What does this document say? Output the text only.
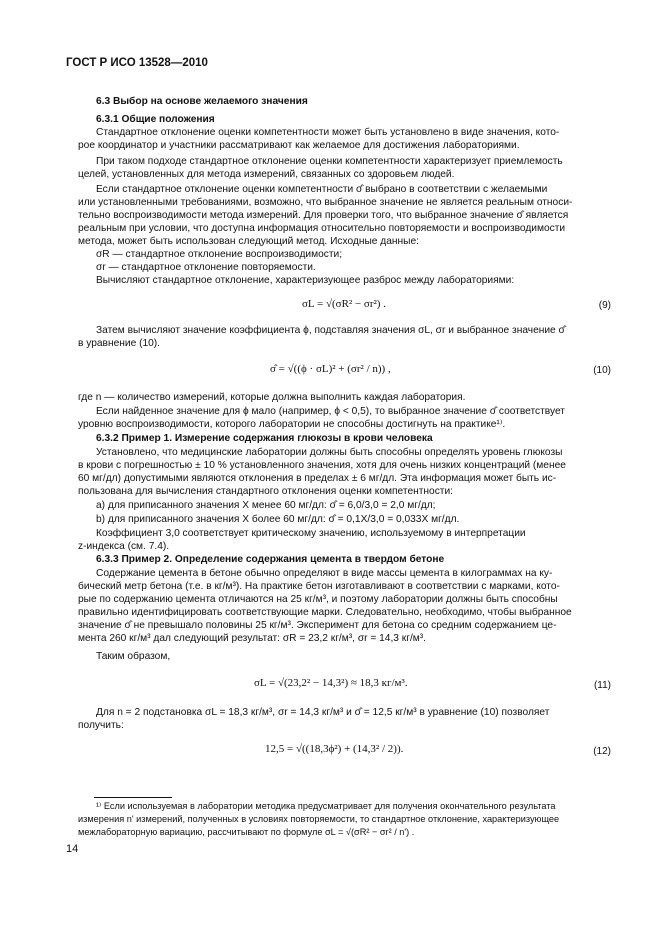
ГОСТ Р ИСО 13528—2010
6.3 Выбор на основе желаемого значения
6.3.1 Общие положения
Стандартное отклонение оценки компетентности может быть установлено в виде значения, кото-
рое координатор и участники рассматривают как желаемое для достижения лабораториями.
При таком подходе стандартное отклонение оценки компетентности характеризует приемлемость
целей, установленных для метода измерений, связанных со здоровьем людей.
Если стандартное отклонение оценки компетентности σ̂ выбрано в соответствии с желаемыми
или установленными требованиями, возможно, что выбранное значение не является реальным относи-
тельно воспроизводимости метода измерений. Для проверки того, что выбранное значение σ̂ является
реальным при условии, что доступна информация относительно повторяемости и воспроизводимости
метода, может быть использован следующий метод. Исходные данные:
σR — стандартное отклонение воспроизводимости;
σr — стандартное отклонение повторяемости.
Вычисляют стандартное отклонение, характеризующее разброс между лабораториями:
σL = √(σR² − σr²) .	(9)
Затем вычисляют значение коэффициента ϕ, подставляя значения σL, σr и выбранное значение σ̂
в уравнение (10).
σ̂ = √((ϕ · σL)² + (σr² / n)) ,	(10)
где n — количество измерений, которые должна выполнить каждая лаборатория.
Если найденное значение для ϕ мало (например, ϕ < 0,5), то выбранное значение σ̂ соответствует
уровню воспроизводимости, которого лаборатории не способны достигнуть на практике¹⁾.
6.3.2 Пример 1. Измерение содержания глюкозы в крови человека
Установлено, что медицинские лаборатории должны быть способны определять уровень глюкозы
в крови с погрешностью ± 10 % установленного значения, хотя для очень низких концентраций (менее
60 мг/дл) допустимыми являются отклонения в пределах ± 6 мг/дл. Эта информация может быть ис-
пользована для вычисления стандартного отклонения оценки компетентности:
a) для приписанного значения X менее 60 мг/дл: σ̂ = 6,0/3,0 = 2,0 мг/дл;
b) для приписанного значения X более 60 мг/дл: σ̂ = 0,1X/3,0 = 0,033X мг/дл.
Коэффициент 3,0 соответствует критическому значению, используемому в интерпретации
z-индекса (см. 7.4).
6.3.3 Пример 2. Определение содержания цемента в твердом бетоне
Содержание цемента в бетоне обычно определяют в виде массы цемента в килограммах на ку-
бический метр бетона (т.е. в кг/м³). На практике бетон изготавливают в соответствии с марками, кото-
рые по содержанию цемента отличаются на 25 кг/м³, и поэтому лаборатории должны быть способны
правильно идентифицировать соответствующие марки. Следовательно, необходимо, чтобы выбранное
значение σ̂ не превышало половины 25 кг/м³. Эксперимент для бетона со средним содержанием це-
мента 260 кг/м³ дал следующий результат: σR = 23,2 кг/м³, σr = 14,3 кг/м³.
Таким образом,
σL = √(23,2² − 14,3²) ≈ 18,3 кг/м³.	(11)
Для n = 2 подстановка σL = 18,3 кг/м³, σr = 14,3 кг/м³ и σ̂ = 12,5 кг/м³ в уравнение (10) позволяет
получить:
12,5 = √((18,3ϕ²) + (14,3² / 2)).	(12)
¹⁾ Если используемая в лаборатории методика предусматривает для получения окончательного результата
измерения n' измерений, полученных в условиях повторяемости, то стандартное отклонение, характеризующее
межлабораторную вариацию, рассчитывают по формуле σL = √(σR² − σr² / n') .
14
